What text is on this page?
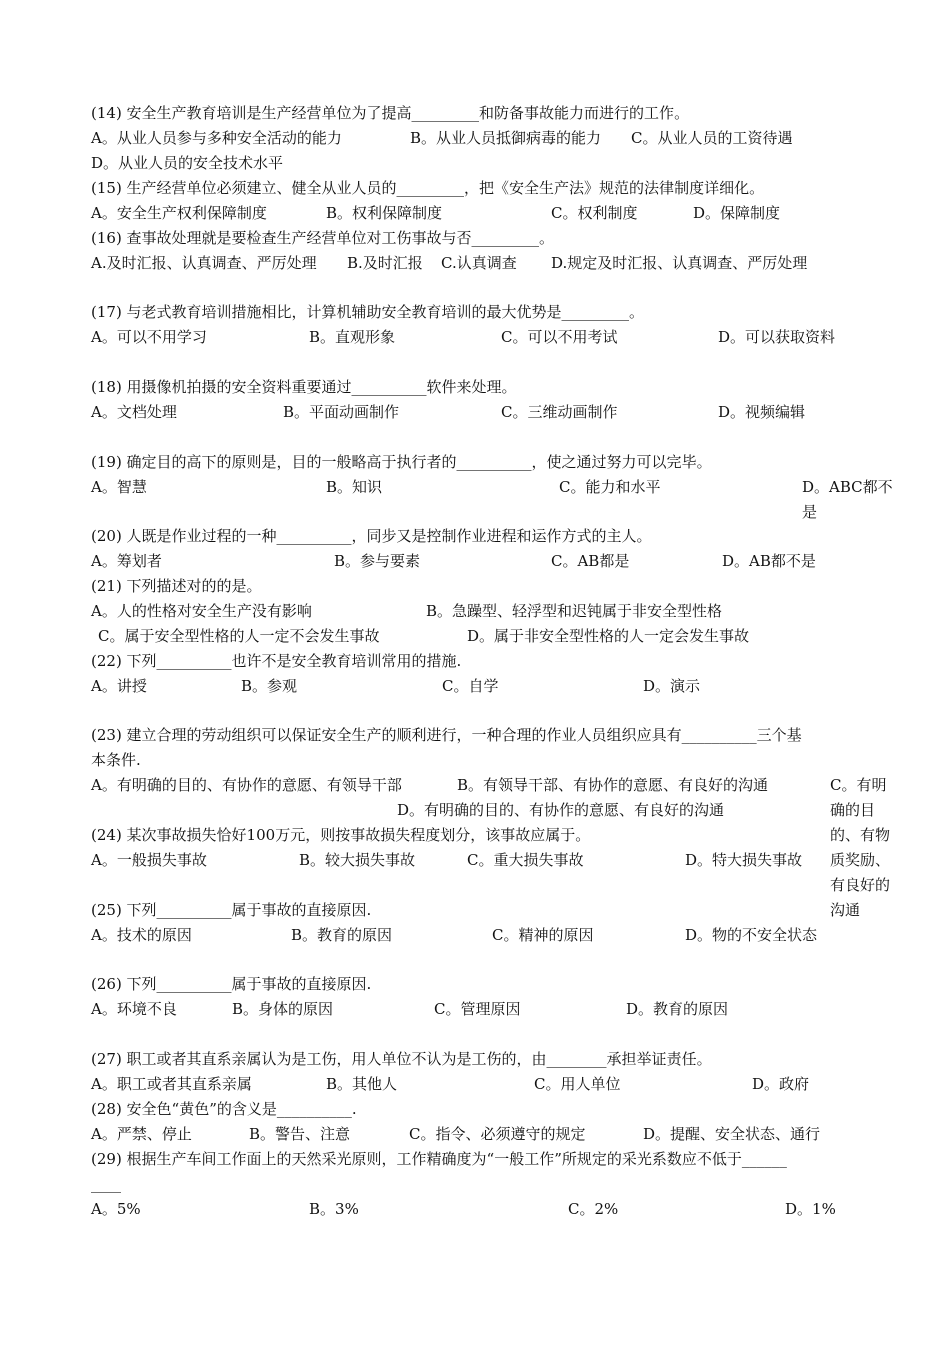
(14) 安全生产教育培训是生产经营单位为了提高_________和防备事故能力而进行的工作。

A。从业人员参与多种安全活动的能力

	B。从业人员抵御病毒的能力

C。从业人员的工资待遇

D。从业人员的安全技术水平
(15) 生产经营单位必须建立、健全从业人员的_________，把《安全生产法》规范的法律制度详细化。

A。安全生产权利保障制度

	B。权利保障制度

	C。权利制度

	D。保障制度

(16) 查事故处理就是要检查生产经营单位对工伤事故与否_________。

A.及时汇报、认真调查、严厉处理

B.及时汇报

C.认真调查

D.规定及时汇报、认真调查、严厉处理

(17) 与老式教育培训措施相比，计算机辅助安全教育培训的最大优势是_________。

A。可以不用学习

	B。直观形象

	C。可以不用考试

	D。可以获取资料

(18) 用摄像机拍摄的安全资料重要通过__________软件来处理。

A。文档处理

	B。平面动画制作

	C。三维动画制作

	D。视频编辑

(19) 确定目的高下的原则是，目的一般略高于执行者的__________，使之通过努力可以完毕。

A。智慧

	B。知识

	C。能力和水平

	D。ABC都不是

(20) 人既是作业过程的一种__________，同步又是控制作业进程和运作方式的主人。

A。筹划者

	B。参与要素

	C。AB都是

	D。AB都不是

(21) 下列描述对的的是。

A。人的性格对安全生产没有影响

	B。急躁型、轻浮型和迟钝属于非安全型性格

C。属于安全型性格的人一定不会发生事故

	D。属于非安全型性格的人一定会发生事故

(22) 下列__________也许不是安全教育培训常用的措施.

A。讲授

	B。参观

	C。自学

	D。演示

(23) 建立合理的劳动组织可以保证安全生产的顺利进行，一种合理的作业人员组织应具有__________三个基
本条件.

A。有明确的目的、有协作的意愿、有领导干部

	B。有领导干部、有协作的意愿、有良好的沟通

	C。有明确的目的、有物质奖励、有良好的沟通

D。有明确的目的、有协作的意愿、有良好的沟通

(24) 某次事故损失恰好100万元，则按事故损失程度划分，该事故应属于。

A。一般损失事故

	B。较大损失事故

	C。重大损失事故

	D。特大损失事故

(25) 下列__________属于事故的直接原因.

A。技术的原因

	B。教育的原因

	C。精神的原因

	D。物的不安全状态

(26) 下列__________属于事故的直接原因.

A。环境不良

	B。身体的原因

	C。管理原因

	D。教育的原因

(27) 职工或者其直系亲属认为是工伤，用人单位不认为是工伤的，由________承担举证责任。

A。职工或者其直系亲属

	B。其他人

	C。用人单位

	D。政府

(28) 安全色“黄色”的含义是__________.

A。严禁、停止

	B。警告、注意

	C。指令、必须遵守的规定

	D。提醒、安全状态、通行

(29) 根据生产车间工作面上的天然采光原则，工作精确度为“一般工作”所规定的采光系数应不低于______
____

A。5%

	B。3%

	C。2%

	D。1%
